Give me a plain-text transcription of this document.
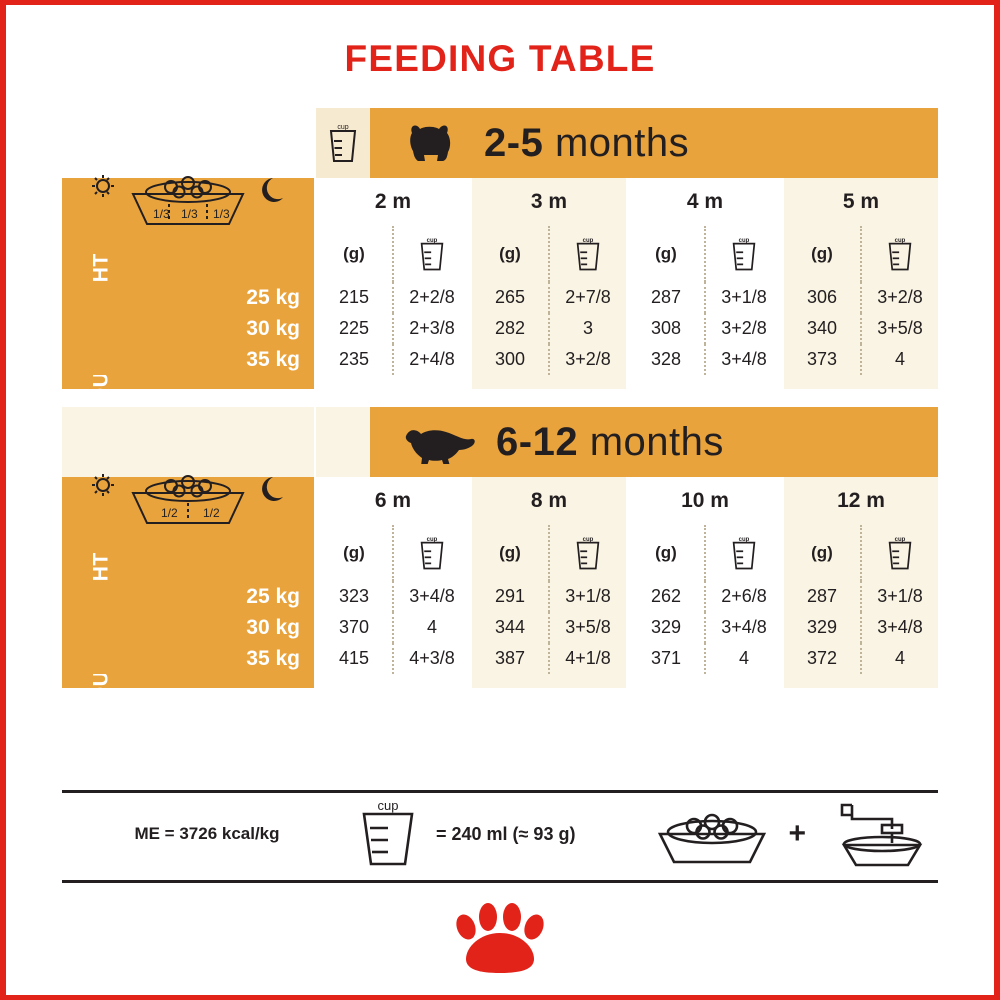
FEEDING TABLE
cup	2-5 months
2 m	3 m	4 m	5 m
1/3 1/3 1/3
(g)
cup
(g)
cup
(g)
cup
(g)
cup
25 kg	215	2+2/8	265	2+7/8	287	3+1/8	306	3+2/8
30 kg	225	2+3/8	282	3	308	3+2/8	340	3+5/8
35 kg	235	2+4/8	300	3+2/8	328	3+4/8	373	4
6-12 months
6 m	8 m	10 m	12 m
1/2 1/2
(g)
cup
(g)
cup
(g)
cup
(g)
cup
25 kg	323	3+4/8	291	3+1/8	262	2+6/8	287	3+1/8
30 kg	370	4	344	3+5/8	329	3+4/8	329	3+4/8
35 kg	415	4+3/8	387	4+1/8	371	4	372	4
ME = 3726 kcal/kg
cup
= 240 ml (≈ 93 g)	+
